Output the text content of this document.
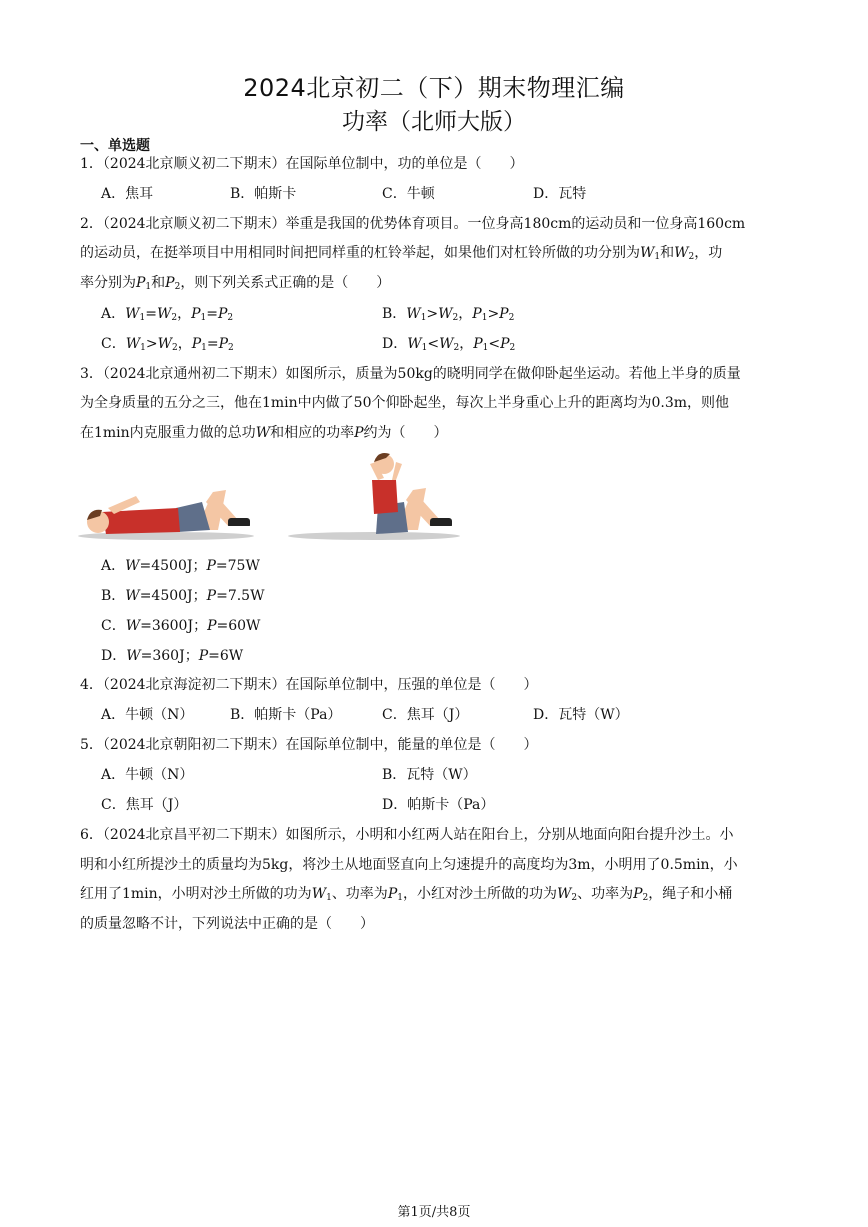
2024北京初二（下）期末物理汇编
功率（北师大版）
一、单选题
1．（2024北京顺义初二下期末）在国际单位制中，功的单位是（　　）
A．焦耳	B．帕斯卡	C．牛顿	D．瓦特
2．（2024北京顺义初二下期末）举重是我国的优势体育项目。一位身高180cm的运动员和一位身高160cm
的运动员，在挺举项目中用相同时间把同样重的杠铃举起，如果他们对杠铃所做的功分别为$W_1$和$W_2$，功
率分别为$P_1$和$P_2$，则下列关系式正确的是（　　）
A．$W_1=W_2$，$P_1=P_2$	B．$W_1>W_2$，$P_1>P_2$
C．$W_1>W_2$，$P_1=P_2$	D．$W_1<W_2$，$P_1<P_2$
3．（2024北京通州初二下期末）如图所示，质量为50kg的晓明同学在做仰卧起坐运动。若他上半身的质量
为全身质量的五分之三，他在1min中内做了50个仰卧起坐，每次上半身重心上升的距离均为0.3m，则他
在1min内克服重力做的总功W和相应的功率P约为（　　）
A．W=4500J；P=75W
B．W=4500J；P=7.5W
C．W=3600J；P=60W
D．W=360J；P=6W
4．（2024北京海淀初二下期末）在国际单位制中，压强的单位是（　　）
A．牛顿（N）	B．帕斯卡（Pa）	C．焦耳（J）	D．瓦特（W）
5．（2024北京朝阳初二下期末）在国际单位制中，能量的单位是（　　）
A．牛顿（N）	B．瓦特（W）
C．焦耳（J）	D．帕斯卡（Pa）
6．（2024北京昌平初二下期末）如图所示，小明和小红两人站在阳台上，分别从地面向阳台提升沙土。小
明和小红所提沙土的质量均为5kg，将沙土从地面竖直向上匀速提升的高度均为3m，小明用了0.5min，小
红用了1min，小明对沙土所做的功为$W_1$、功率为$P_1$，小红对沙土所做的功为$W_2$、功率为$P_2$，绳子和小桶
的质量忽略不计，下列说法中正确的是（　　）
第1页/共8页
